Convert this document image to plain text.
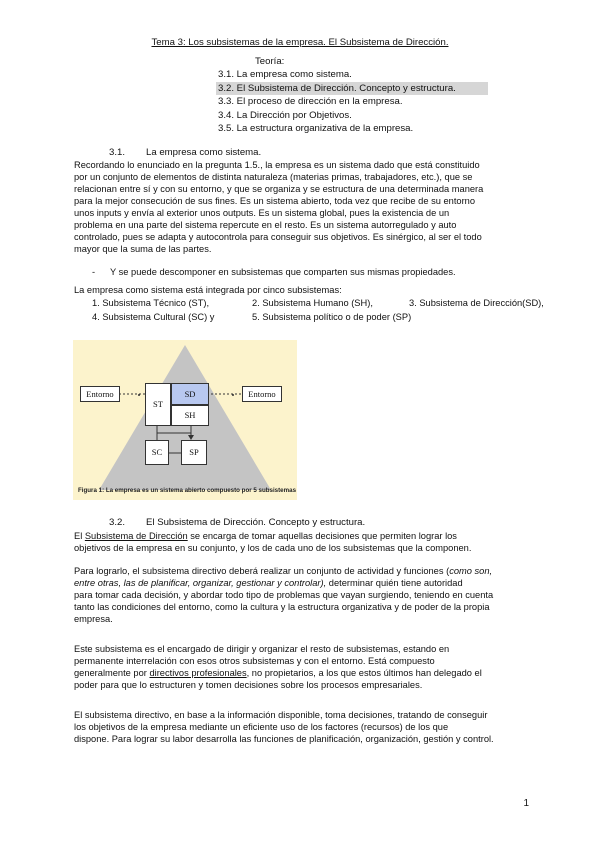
Tema 3: Los subsistemas de la empresa. El Subsistema de Dirección.
Teoría:
3.1. La empresa como sistema.
3.2. El Subsistema de Dirección. Concepto y estructura.
3.3. El proceso de dirección en la empresa.
3.4. La Dirección por Objetivos.
3.5. La estructura organizativa de la empresa.
3.1. La empresa como sistema.
Recordando lo enunciado en la pregunta 1.5., la empresa es un sistema dado que está constituido
por un conjunto de elementos de distinta naturaleza (materias primas, trabajadores, etc.), que se
relacionan entre sí y con su entorno, y que se organiza y se estructura de una determinada manera
para la mejor consecución de sus fines. Es un sistema abierto, toda vez que recibe de su entorno
unos inputs y envía al exterior unos outputs. Es un sistema global, pues la existencia de un
problema en una parte del sistema repercute en el resto. Es un sistema autorregulado y auto
controlado, pues se adapta y autocontrola para conseguir sus objetivos. Es sinérgico, al ser el todo
mayor que la suma de las partes.
- Y se puede descomponer en subsistemas que comparten sus mismas propiedades.
La empresa como sistema está integrada por cinco subsistemas:
1. Subsistema Técnico (ST),	2. Subsistema Humano (SH),	3. Subsistema de Dirección(SD),
4. Subsistema Cultural (SC) y	5. Subsistema político o de poder (SP)
Entorno	Entorno
ST
SD
SH
SC	SP
Figura 1: La empresa es un sistema abierto compuesto por 5 subsistemas
3.2. El Subsistema de Dirección. Concepto y estructura.
El Subsistema de Dirección se encarga de tomar aquellas decisiones que permiten lograr los
objetivos de la empresa en su conjunto, y los de cada uno de los subsistemas que la componen.
Para lograrlo, el subsistema directivo deberá realizar un conjunto de actividad y funciones (como son,
entre otras, las de planificar, organizar, gestionar y controlar), determinar quién tiene autoridad
para tomar cada decisión, y abordar todo tipo de problemas que vayan surgiendo, teniendo en cuenta
tanto las condiciones del entorno, como la cultura y la estructura organizativa y de poder de la propia
empresa.
Este subsistema es el encargado de dirigir y organizar el resto de subsistemas, estando en
permanente interrelación con esos otros subsistemas y con el entorno. Está compuesto
generalmente por directivos profesionales, no propietarios, a los que estos últimos han delegado el
poder para que lo estructuren y tomen decisiones sobre los procesos empresariales.
El subsistema directivo, en base a la información disponible, toma decisiones, tratando de conseguir
los objetivos de la empresa mediante un eficiente uso de los factores (recursos) de los que
dispone. Para lograr su labor desarrolla las funciones de planificación, organización, gestión y control.
1
